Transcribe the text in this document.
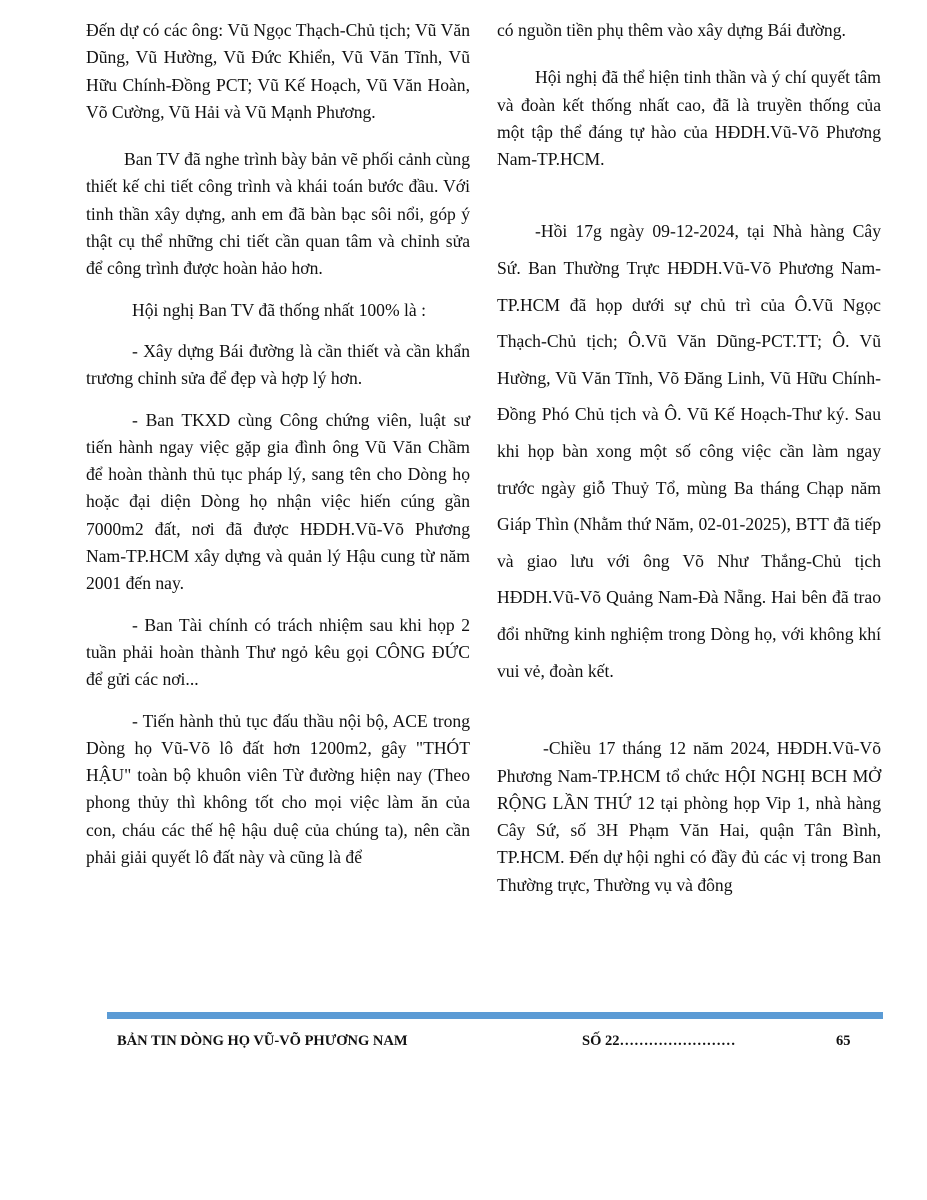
Đến dự có các ông: Vũ Ngọc Thạch-Chủ tịch; Vũ Văn Dũng, Vũ Hường, Vũ Đức Khiển, Vũ Văn Tĩnh, Vũ Hữu Chính-Đồng PCT; Vũ Kế Hoạch, Vũ Văn Hoàn, Võ Cường, Vũ Hải và Vũ Mạnh Phương.

Ban TV đã nghe trình bày bản vẽ phối cảnh cùng thiết kế chi tiết công trình và khái toán bước đầu. Với tinh thần xây dựng, anh em đã bàn bạc sôi nổi, góp ý thật cụ thể những chi tiết cần quan tâm và chỉnh sửa để công trình được hoàn hảo hơn.

Hội nghị Ban TV đã thống nhất 100% là :

- Xây dựng Bái đường là cần thiết và cần khẩn trương chỉnh sửa để đẹp và hợp lý hơn.

- Ban TKXD cùng Công chứng viên, luật sư tiến hành ngay việc gặp gia đình ông Vũ Văn Chầm để hoàn thành thủ tục pháp lý, sang tên cho Dòng họ hoặc đại diện Dòng họ nhận việc hiến cúng gần 7000m2 đất, nơi đã được HĐDH.Vũ-Võ Phương Nam-TP.HCM xây dựng và quản lý Hậu cung từ năm 2001 đến nay.

- Ban Tài chính có trách nhiệm sau khi họp 2 tuần phải hoàn thành Thư ngỏ kêu gọi CÔNG ĐỨC để gửi các nơi...

- Tiến hành thủ tục đấu thầu nội bộ, ACE trong Dòng họ Vũ-Võ lô đất hơn 1200m2, gây "THÓT HẬU" toàn bộ khuôn viên Từ đường hiện nay (Theo phong thủy thì không tốt cho mọi việc làm ăn của con, cháu các thế hệ hậu duệ của chúng ta), nên cần phải giải quyết lô đất này và cũng là để

có nguồn tiền phụ thêm vào xây dựng Bái đường.

Hội nghị đã thể hiện tinh thần và ý chí quyết tâm và đoàn kết thống nhất cao, đã là truyền thống của một tập thể đáng tự hào của HĐDH.Vũ-Võ Phương Nam-TP.HCM.

-Hồi 17g ngày 09-12-2024, tại Nhà hàng Cây Sứ. Ban Thường Trực HĐDH.Vũ-Võ Phương Nam-TP.HCM đã họp dưới sự chủ trì của Ô.Vũ Ngọc Thạch-Chủ tịch; Ô.Vũ Văn Dũng-PCT.TT; Ô. Vũ Hường, Vũ Văn Tĩnh, Võ Đăng Linh, Vũ Hữu Chính- Đồng Phó Chủ tịch và Ô. Vũ Kế Hoạch-Thư ký. Sau khi họp bàn xong một số công việc cần làm ngay trước ngày giỗ Thuỷ Tổ, mùng Ba tháng Chạp năm Giáp Thìn (Nhằm thứ Năm, 02-01-2025), BTT đã tiếp và giao lưu với ông Võ Như Thắng-Chủ tịch HĐDH.Vũ-Võ Quảng Nam-Đà Nẵng. Hai bên đã trao đổi những kinh nghiệm trong Dòng họ, với không khí vui vẻ, đoàn kết.

-Chiều 17 tháng 12 năm 2024, HĐDH.Vũ-Võ Phương Nam-TP.HCM tổ chức HỘI NGHỊ BCH MỞ RỘNG LẦN THỨ 12 tại phòng họp Vip 1, nhà hàng Cây Sứ, số 3H Phạm Văn Hai, quận Tân Bình, TP.HCM. Đến dự hội nghi có đầy đủ các vị trong Ban Thường trực, Thường vụ và đông

BẢN TIN DÒNG HỌ VŨ-VÕ PHƯƠNG NAM	SỐ 22……………………	65
